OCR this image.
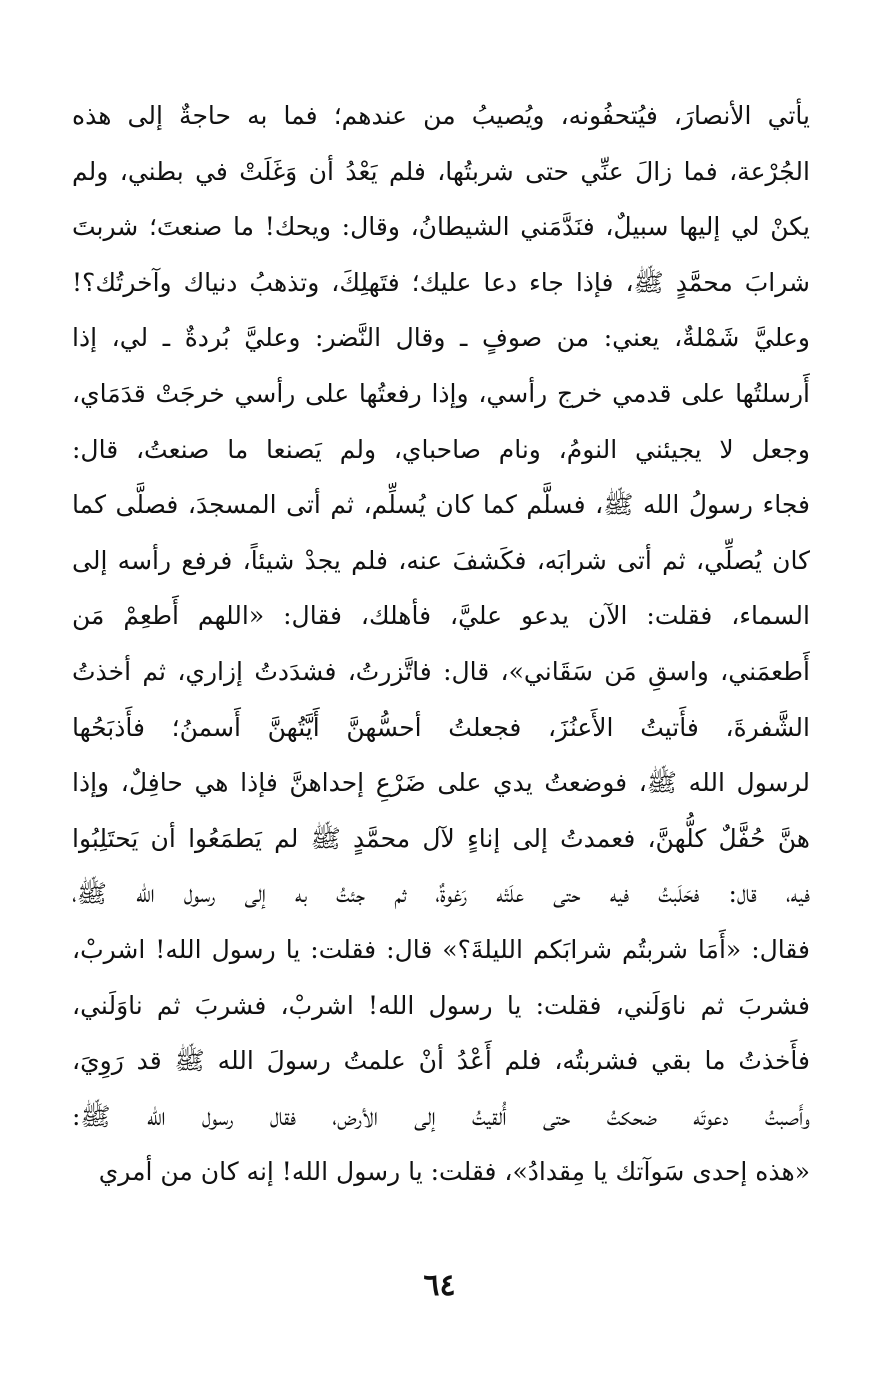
يأتي الأنصارَ، فيُتحفُونه، ويُصيبُ من عندهم؛ فما به حاجةٌ إلى هذه
الجُرْعة، فما زالَ عنِّي حتى شربتُها، فلم يَعْدُ أن وَغَلَتْ في بطني، ولم
يكنْ لي إليها سبيلٌ، فنَدَّمَني الشيطانُ، وقال: ويحك! ما صنعتَ؛ شربتَ
شرابَ محمَّدٍ ﷺ، فإذا جاء دعا عليك؛ فتَهلِكَ، وتذهبُ دنياك وآخرتُك؟!
وعليَّ شَمْلةٌ، يعني: من صوفٍ ـ وقال النَّضر: وعليَّ بُردةٌ ـ لي، إذا
أَرسلتُها على قدمي خرج رأسي، وإذا رفعتُها على رأسي خرجَتْ قدَمَاي،
وجعل لا يجيئني النومُ، ونام صاحباي، ولم يَصنعا ما صنعتُ، قال:
فجاء رسولُ الله ﷺ، فسلَّم كما كان يُسلِّم، ثم أتى المسجدَ، فصلَّى كما
كان يُصلِّي، ثم أتى شرابَه، فكَشفَ عنه، فلم يجدْ شيئاً، فرفع رأسه إلى
السماء، فقلت: الآن يدعو عليَّ، فأهلك، فقال: «اللهم أَطعِمْ مَن
أَطعمَني، واسقِ مَن سَقَاني»، قال: فاتَّزرتُ، فشدَدتُ إزاري، ثم أخذتُ
الشَّفرةَ، فأَتيتُ الأَعنُزَ، فجعلتُ أحسُّهنَّ أَيَّتُهنَّ أَسمنُ؛ فأَذبَحُها
لرسول الله ﷺ، فوضعتُ يدي على ضَرْعِ إحداهنَّ فإذا هي حافِلٌ، وإذا
هنَّ حُفَّلٌ كلُّهنَّ، فعمدتُ إلى إناءٍ لآل محمَّدٍ ﷺ لم يَطمَعُوا أن يَحتَلِبُوا
فيه، قال: فحَلَبتُ فيه حتى علَتْه رَغوةٌ، ثم جئتُ به إلى رسول الله ﷺ،
فقال: «أَمَا شربتُم شرابَكم الليلةَ؟» قال: فقلت: يا رسول الله! اشربْ،
فشربَ ثم ناوَلَني، فقلت: يا رسول الله! اشربْ، فشربَ ثم ناوَلَني،
فأَخذتُ ما بقي فشربتُه، فلم أَعْدُ أنْ علمتُ رسولَ الله ﷺ قد رَوِيَ،
وأَصبتُ دعوتَه ضحكتُ حتى أُلقيتُ إلى الأرض، فقال رسول الله ﷺ:
«هذه إحدى سَوآتك يا مِقدادُ»، فقلت: يا رسول الله! إنه كان من أمري
٦٤
